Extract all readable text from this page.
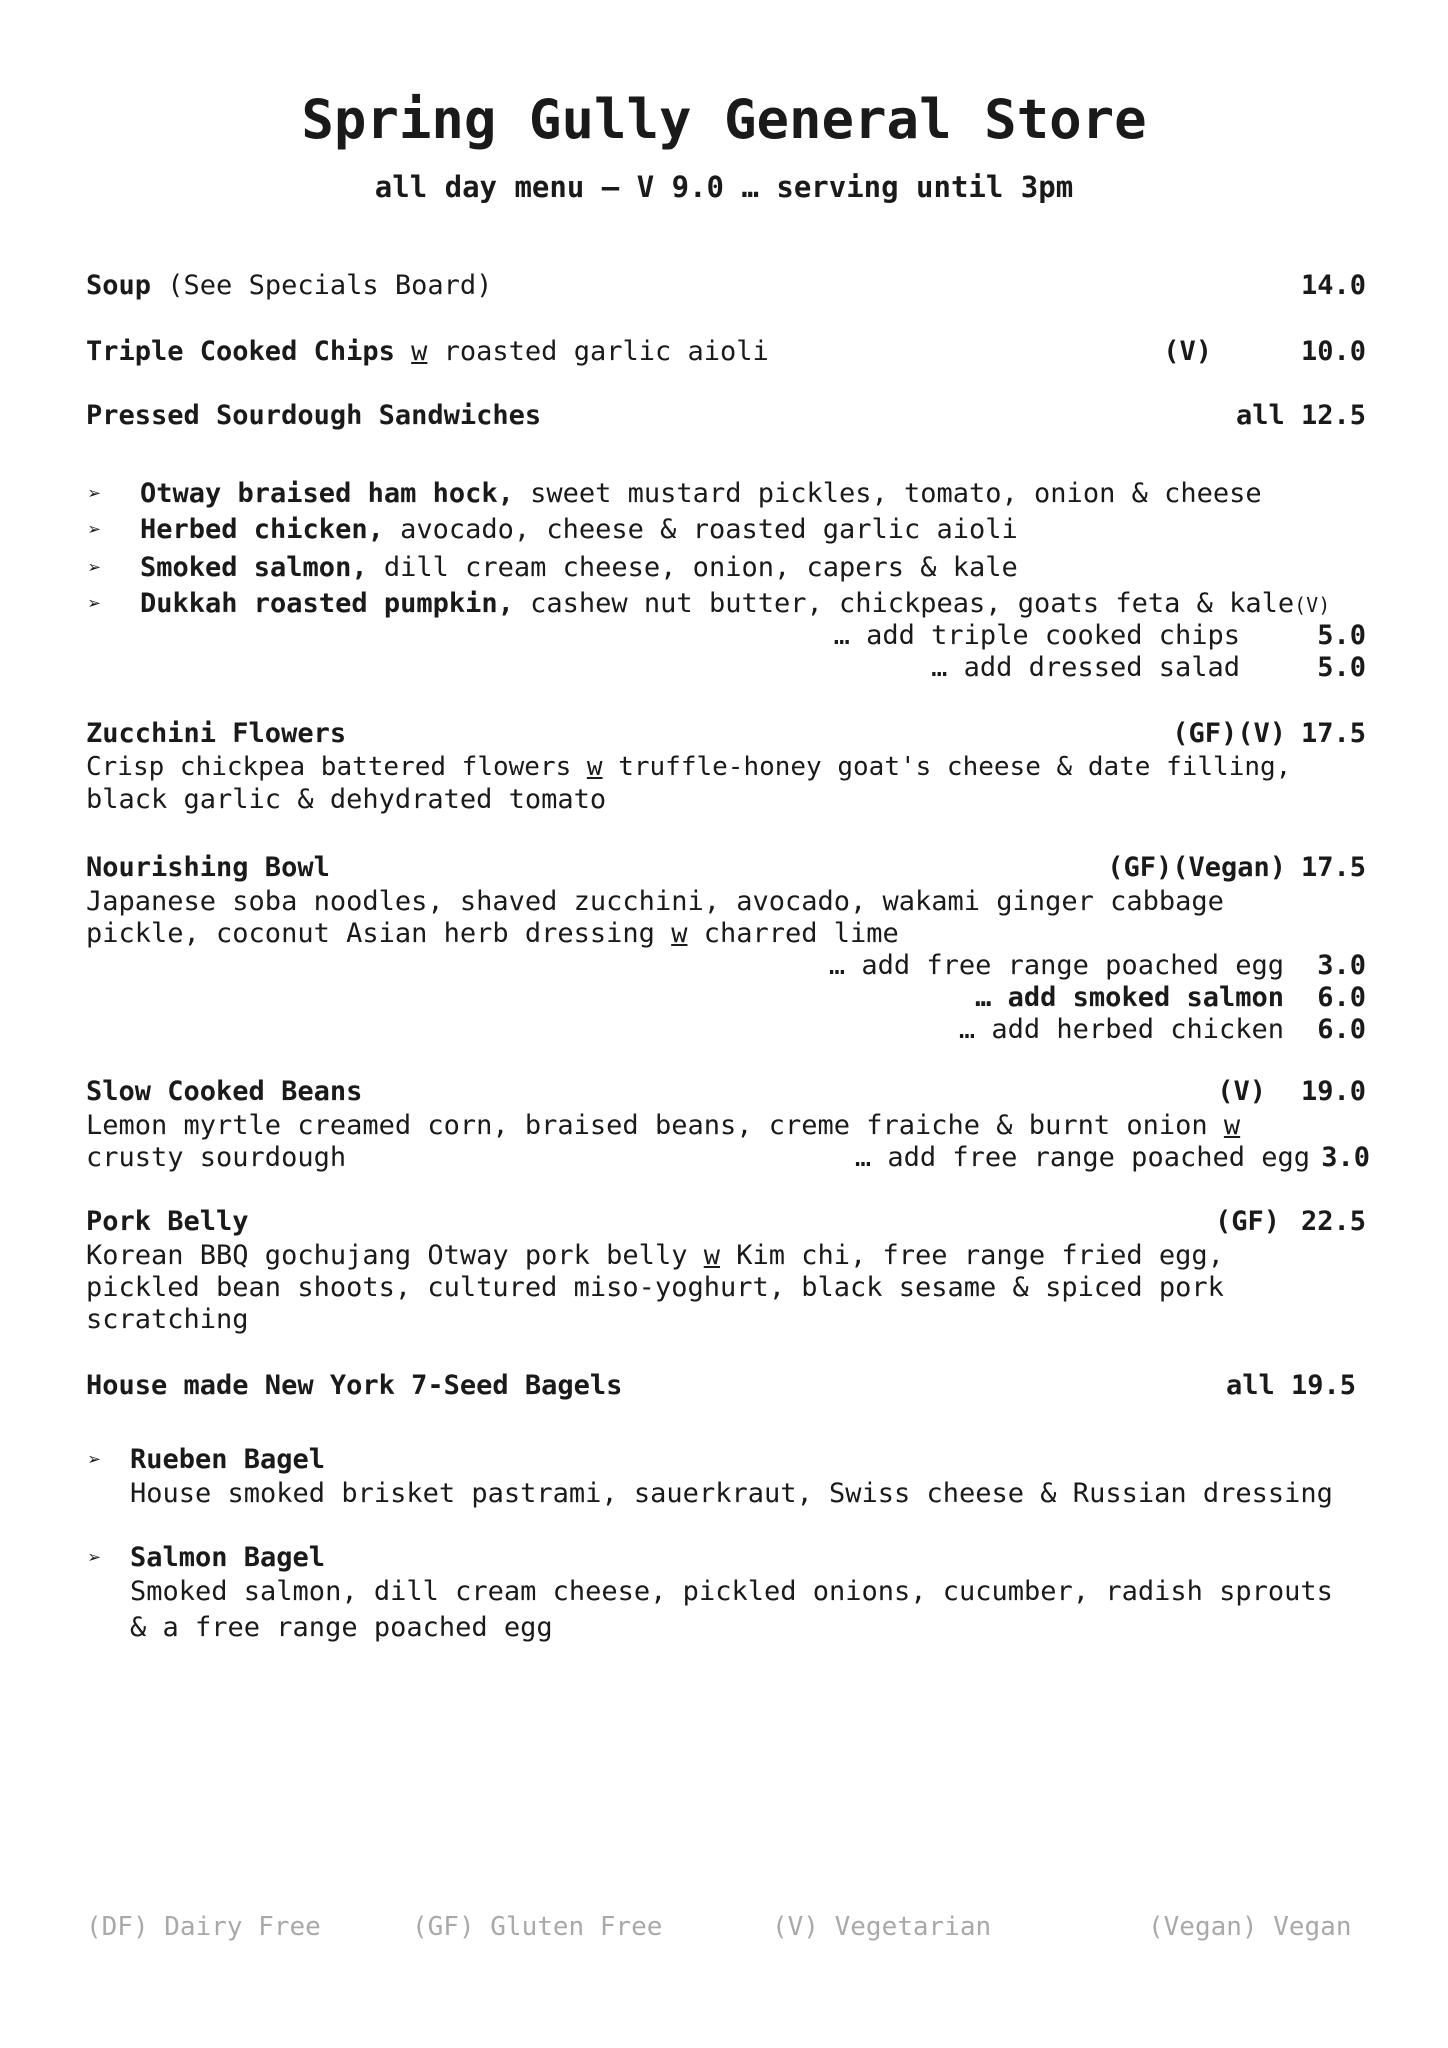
Spring Gully General Store
all day menu – V 9.0 … serving until 3pm
Soup (See Specials Board)	14.0
Triple Cooked Chips w roasted garlic aioli	(V)	10.0
Pressed Sourdough Sandwiches	all 12.5
➢ Otway braised ham hock, sweet mustard pickles, tomato, onion & cheese
➢ Herbed chicken, avocado, cheese & roasted garlic aioli
➢ Smoked salmon, dill cream cheese, onion, capers & kale
➢ Dukkah roasted pumpkin, cashew nut butter, chickpeas, goats feta & kale(V)
… add triple cooked chips	5.0
… add dressed salad	5.0
Zucchini Flowers	(GF)(V) 17.5
Crisp chickpea battered flowers w truffle-honey goat's cheese & date filling,
black garlic & dehydrated tomato
Nourishing Bowl	(GF)(Vegan) 17.5
Japanese soba noodles, shaved zucchini, avocado, wakami ginger cabbage
pickle, coconut Asian herb dressing w charred lime
… add free range poached egg	3.0
… add smoked salmon	6.0
… add herbed chicken	6.0
Slow Cooked Beans	(V) 19.0
Lemon myrtle creamed corn, braised beans, creme fraiche & burnt onion w
crusty sourdough	… add free range poached egg 3.0
Pork Belly	(GF) 22.5
Korean BBQ gochujang Otway pork belly w Kim chi, free range fried egg,
pickled bean shoots, cultured miso-yoghurt, black sesame & spiced pork
scratching
House made New York 7-Seed Bagels	all 19.5
➢ Rueben Bagel
House smoked brisket pastrami, sauerkraut, Swiss cheese & Russian dressing
➢ Salmon Bagel
Smoked salmon, dill cream cheese, pickled onions, cucumber, radish sprouts
& a free range poached egg
(DF) Dairy Free	(GF) Gluten Free	(V) Vegetarian	(Vegan) Vegan
